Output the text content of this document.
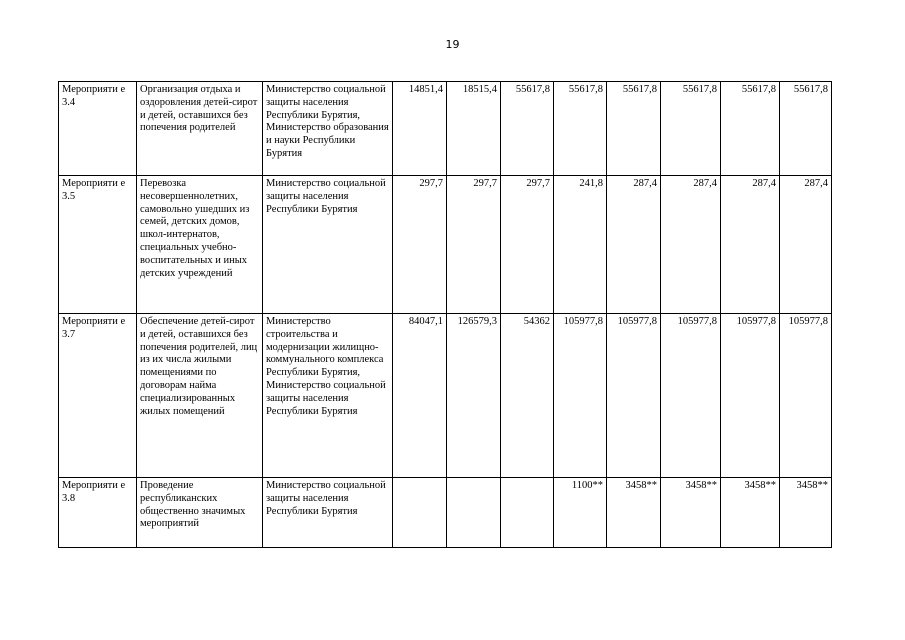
19
Мероприяти е 3.4	Организация отдыха и оздоровления детей-сирот и детей, оставшихся без попечения родителей	Министерство социальной защиты населения Республики Бурятия, Министерство образования и науки Республики Бурятия	14851,4	18515,4	55617,8	55617,8	55617,8	55617,8	55617,8	55617,8
Мероприяти е 3.5	Перевозка несовершеннолетних, самовольно ушедших из семей, детских домов, школ-интернатов, специальных учебно-воспитательных и иных детских учреждений	Министерство социальной защиты населения Республики Бурятия	297,7	297,7	297,7	241,8	287,4	287,4	287,4	287,4
Мероприяти е 3.7	Обеспечение детей-сирот и детей, оставшихся без попечения родителей, лиц из их числа жилыми помещениями по договорам найма специализированных жилых помещений	Министерство строительства и модернизации жилищно-коммунального комплекса Республики Бурятия, Министерство социальной защиты населения Республики Бурятия	84047,1	126579,3	54362	105977,8	105977,8	105977,8	105977,8	105977,8
Мероприяти е 3.8	Проведение республиканских общественно значимых мероприятий	Министерство социальной защиты населения Республики Бурятия				1100**	3458**	3458**	3458**	3458**
